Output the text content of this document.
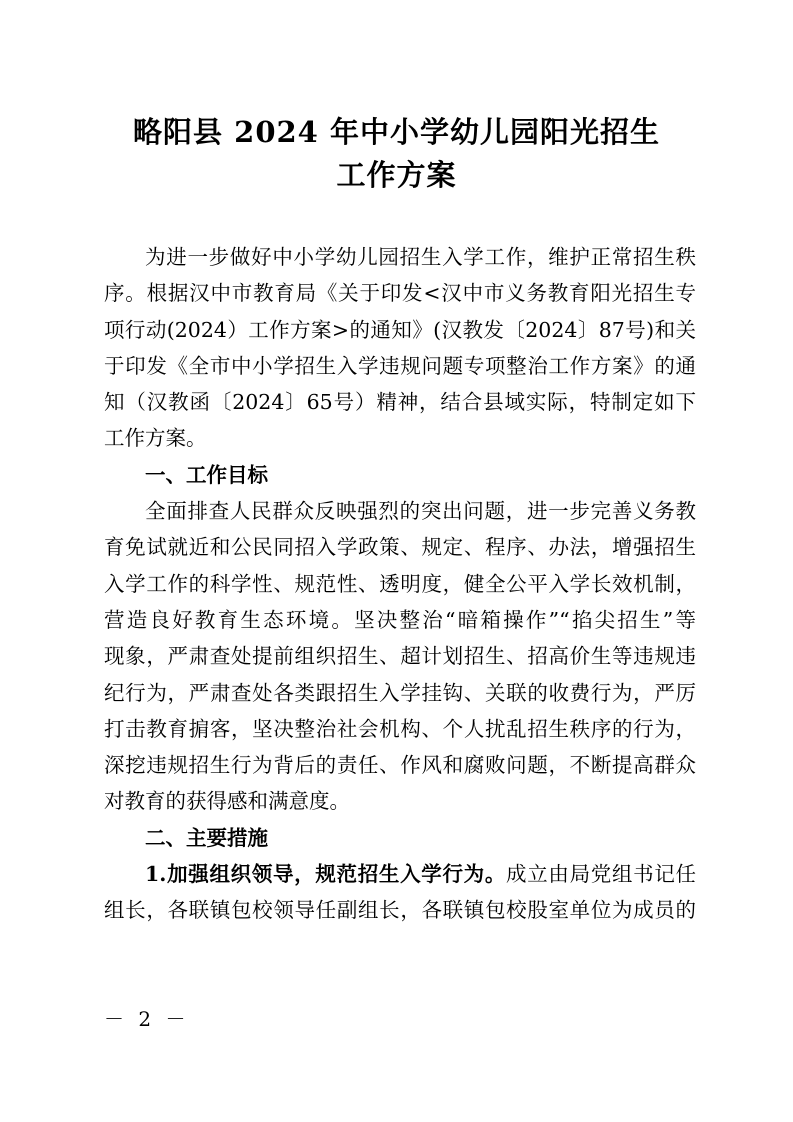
略阳县 2024 年中小学幼儿园阳光招生
工作方案
为进一步做好中小学幼儿园招生入学工作，维护正常招生秩
序。根据汉中市教育局《关于印发<汉中市义务教育阳光招生专
项行动(2024）工作方案>的通知》(汉教发〔2024〕87号)和关
于印发《全市中小学招生入学违规问题专项整治工作方案》的通
知（汉教函〔2024〕65号）精神，结合县域实际，特制定如下
工作方案。
一、工作目标
全面排查人民群众反映强烈的突出问题，进一步完善义务教
育免试就近和公民同招入学政策、规定、程序、办法，增强招生
入学工作的科学性、规范性、透明度，健全公平入学长效机制，
营造良好教育生态环境。坚决整治“暗箱操作”“掐尖招生”等
现象，严肃查处提前组织招生、超计划招生、招高价生等违规违
纪行为，严肃查处各类跟招生入学挂钩、关联的收费行为，严厉
打击教育掮客，坚决整治社会机构、个人扰乱招生秩序的行为，
深挖违规招生行为背后的责任、作风和腐败问题，不断提高群众
对教育的获得感和满意度。
二、主要措施
1.加强组织领导，规范招生入学行为。成立由局党组书记任
组长，各联镇包校领导任副组长，各联镇包校股室单位为成员的
－ 2 －
